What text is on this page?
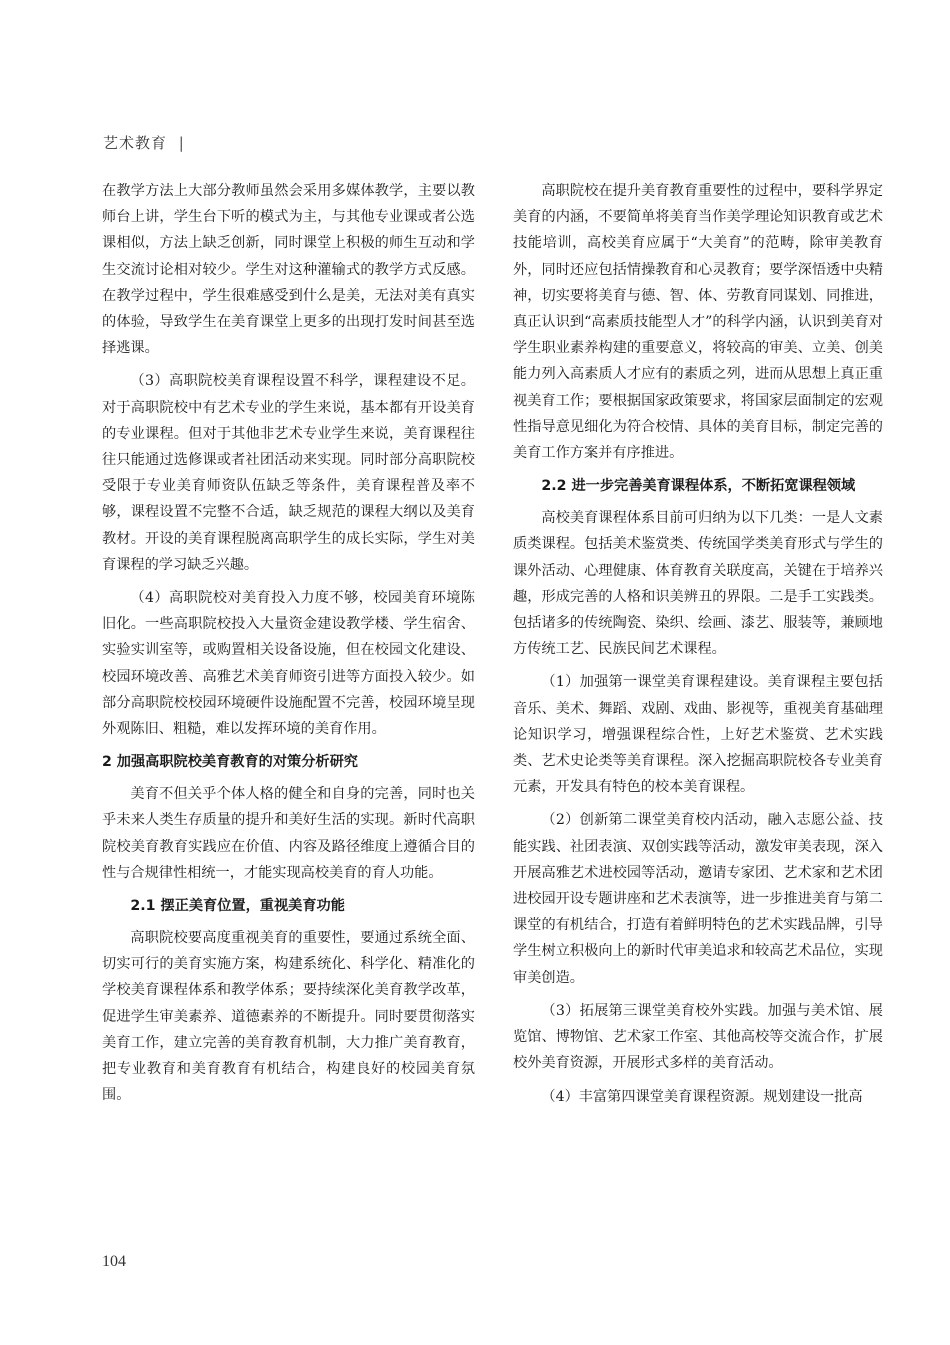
艺术教育 |

在教学方法上大部分教师虽然会采用多媒体教学，主要以教师台上讲，学生台下听的模式为主，与其他专业课或者公选课相似，方法上缺乏创新，同时课堂上积极的师生互动和学生交流讨论相对较少。学生对这种灌输式的教学方式反感。在教学过程中，学生很难感受到什么是美，无法对美有真实的体验，导致学生在美育课堂上更多的出现打发时间甚至选择逃课。

（3）高职院校美育课程设置不科学，课程建设不足。对于高职院校中有艺术专业的学生来说，基本都有开设美育的专业课程。但对于其他非艺术专业学生来说，美育课程往往只能通过选修课或者社团活动来实现。同时部分高职院校受限于专业美育师资队伍缺乏等条件，美育课程普及率不够，课程设置不完整不合适，缺乏规范的课程大纲以及美育教材。开设的美育课程脱离高职学生的成长实际，学生对美育课程的学习缺乏兴趣。

（4）高职院校对美育投入力度不够，校园美育环境陈旧化。一些高职院校投入大量资金建设教学楼、学生宿舍、实验实训室等，或购置相关设备设施，但在校园文化建设、校园环境改善、高雅艺术美育师资引进等方面投入较少。如部分高职院校校园环境硬件设施配置不完善，校园环境呈现外观陈旧、粗糙，难以发挥环境的美育作用。

2 加强高职院校美育教育的对策分析研究

美育不但关乎个体人格的健全和自身的完善，同时也关乎未来人类生存质量的提升和美好生活的实现。新时代高职院校美育教育实践应在价值、内容及路径维度上遵循合目的性与合规律性相统一，才能实现高校美育的育人功能。

2.1 摆正美育位置，重视美育功能

高职院校要高度重视美育的重要性，要通过系统全面、切实可行的美育实施方案，构建系统化、科学化、精准化的学校美育课程体系和教学体系；要持续深化美育教学改革，促进学生审美素养、道德素养的不断提升。同时要贯彻落实美育工作，建立完善的美育教育机制，大力推广美育教育，把专业教育和美育教育有机结合，构建良好的校园美育氛围。

高职院校在提升美育教育重要性的过程中，要科学界定美育的内涵，不要简单将美育当作美学理论知识教育或艺术技能培训，高校美育应属于“大美育”的范畴，除审美教育外，同时还应包括情操教育和心灵教育；要学深悟透中央精神，切实要将美育与德、智、体、劳教育同谋划、同推进，真正认识到“高素质技能型人才”的科学内涵，认识到美育对学生职业素养构建的重要意义，将较高的审美、立美、创美能力列入高素质人才应有的素质之列，进而从思想上真正重视美育工作；要根据国家政策要求，将国家层面制定的宏观性指导意见细化为符合校情、具体的美育目标，制定完善的美育工作方案并有序推进。

2.2 进一步完善美育课程体系，不断拓宽课程领域

高校美育课程体系目前可归纳为以下几类：一是人文素质类课程。包括美术鉴赏类、传统国学类美育形式与学生的课外活动、心理健康、体育教育关联度高，关键在于培养兴趣，形成完善的人格和识美辨丑的界限。二是手工实践类。包括诸多的传统陶瓷、染织、绘画、漆艺、服装等，兼顾地方传统工艺、民族民间艺术课程。

（1）加强第一课堂美育课程建设。美育课程主要包括音乐、美术、舞蹈、戏剧、戏曲、影视等，重视美育基础理论知识学习，增强课程综合性，上好艺术鉴赏、艺术实践类、艺术史论类等美育课程。深入挖掘高职院校各专业美育元素，开发具有特色的校本美育课程。

（2）创新第二课堂美育校内活动，融入志愿公益、技能实践、社团表演、双创实践等活动，激发审美表现，深入开展高雅艺术进校园等活动，邀请专家团、艺术家和艺术团进校园开设专题讲座和艺术表演等，进一步推进美育与第二课堂的有机结合，打造有着鲜明特色的艺术实践品牌，引导学生树立积极向上的新时代审美追求和较高艺术品位，实现审美创造。

（3）拓展第三课堂美育校外实践。加强与美术馆、展览馆、博物馆、艺术家工作室、其他高校等交流合作，扩展校外美育资源，开展形式多样的美育活动。

（4）丰富第四课堂美育课程资源。规划建设一批高

104
